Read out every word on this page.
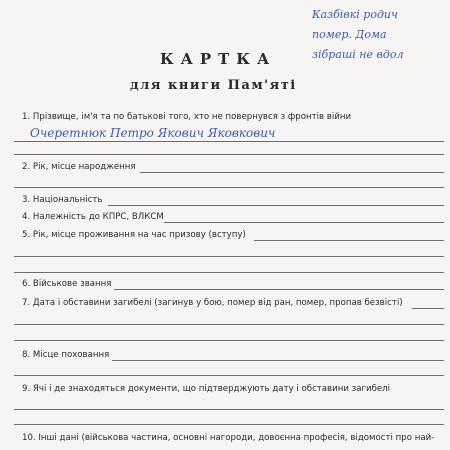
Казбівкі родич
помер. Дома
зібраші не вдол
КАРТКА
для книги Пам'яті
1. Прізвище, ім'я та по батькові того, хто не повернувся з фронтів війни
Очеретнюк Петро Якович Яковкович
2. Рік, місце народження
3. Національність
4. Належність до КПРС, ВЛКСМ
5. Рік, місце проживання на час призову (вступу)
6. Військове звання
7. Дата і обставини загибелі (загинув у бою, помер від ран, помер, пропав безвісті)
8. Місце поховання
9. Ячі і де знаходяться документи, що підтверджують дату і обставини загибелі
10. Інші дані (військова частина, основні нагороди, довоєнна професія, відомості про най-
